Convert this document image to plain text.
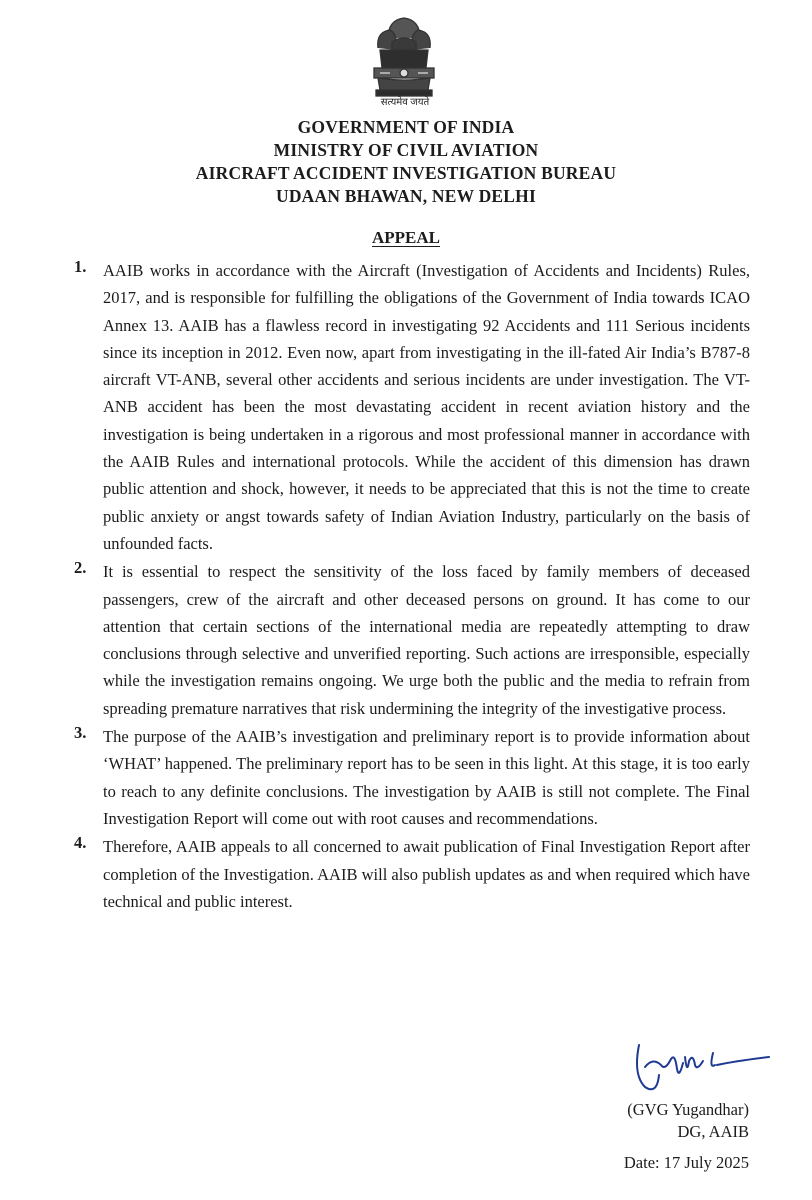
सत्यमेव जयते
GOVERNMENT OF INDIA
MINISTRY OF CIVIL AVIATION
AIRCRAFT ACCIDENT INVESTIGATION BUREAU
UDAAN BHAWAN, NEW DELHI
APPEAL
1. AAIB works in accordance with the Aircraft (Investigation of Accidents and Incidents) Rules, 2017, and is responsible for fulfilling the obligations of the Government of India towards ICAO Annex 13. AAIB has a flawless record in investigating 92 Accidents and 111 Serious incidents since its inception in 2012. Even now, apart from investigating in the ill-fated Air India’s B787-8 aircraft VT-ANB, several other accidents and serious incidents are under investigation. The VT-ANB accident has been the most devastating accident in recent aviation history and the investigation is being undertaken in a rigorous and most professional manner in accordance with the AAIB Rules and international protocols. While the accident of this dimension has drawn public attention and shock, however, it needs to be appreciated that this is not the time to create public anxiety or angst towards safety of Indian Aviation Industry, particularly on the basis of unfounded facts.

2. It is essential to respect the sensitivity of the loss faced by family members of deceased passengers, crew of the aircraft and other deceased persons on ground. It has come to our attention that certain sections of the international media are repeatedly attempting to draw conclusions through selective and unverified reporting. Such actions are irresponsible, especially while the investigation remains ongoing. We urge both the public and the media to refrain from spreading premature narratives that risk undermining the integrity of the investigative process.

3. The purpose of the AAIB’s investigation and preliminary report is to provide information about ‘WHAT’ happened. The preliminary report has to be seen in this light. At this stage, it is too early to reach to any definite conclusions. The investigation by AAIB is still not complete. The Final Investigation Report will come out with root causes and recommendations.

4. Therefore, AAIB appeals to all concerned to await publication of Final Investigation Report after completion of the Investigation. AAIB will also publish updates as and when required which have technical and public interest.

(GVG Yugandhar)
DG, AAIB
Date: 17 July 2025
